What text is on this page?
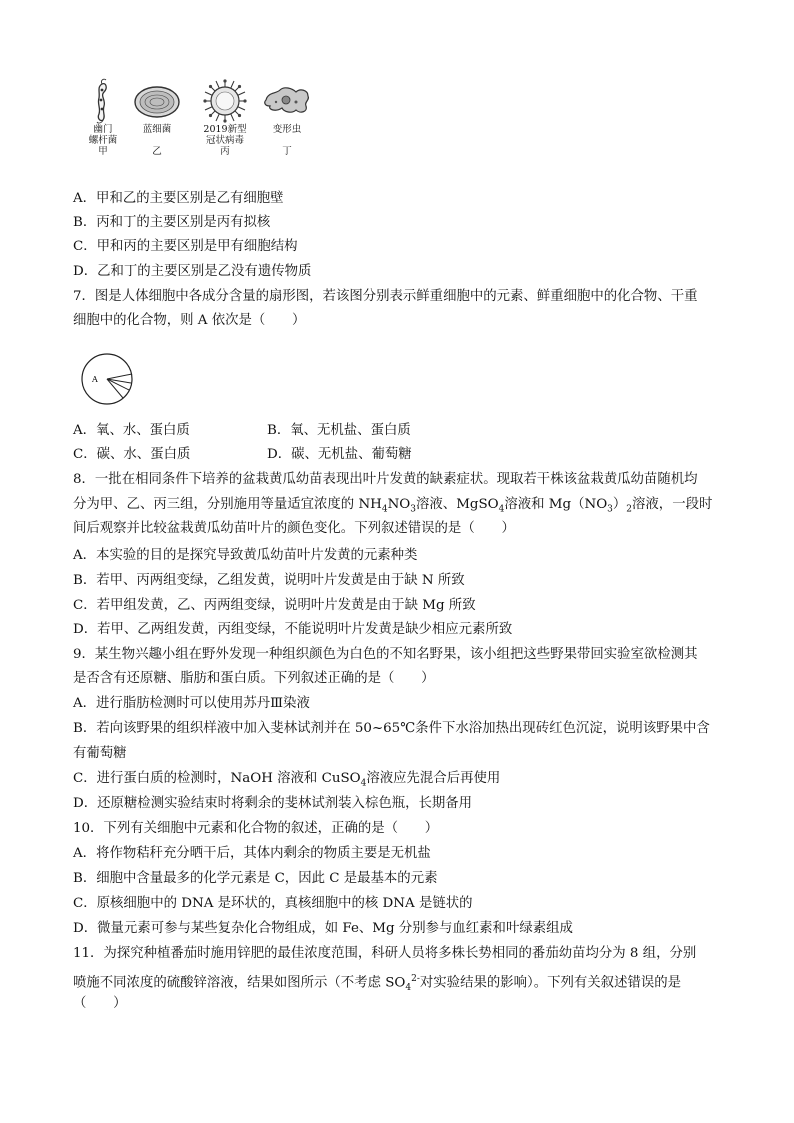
幽门
螺杆菌
甲
蓝细菌
乙
2019新型
冠状病毒
丙
变形虫
丁
A．甲和乙的主要区别是乙有细胞壁
B．丙和丁的主要区别是丙有拟核
C．甲和丙的主要区别是甲有细胞结构
D．乙和丁的主要区别是乙没有遗传物质
7．图是人体细胞中各成分含量的扇形图，若该图分别表示鲜重细胞中的元素、鲜重细胞中的化合物、干重
细胞中的化合物，则 A 依次是（　　）
A
A．氧、水、蛋白质	B．氧、无机盐、蛋白质
C．碳、水、蛋白质	D．碳、无机盐、葡萄糖
8．一批在相同条件下培养的盆栽黄瓜幼苗表现出叶片发黄的缺素症状。现取若干株该盆栽黄瓜幼苗随机均
分为甲、乙、丙三组，分别施用等量适宜浓度的 $NH_4NO_3$溶液、MgSO$_4$溶液和 $Mg(NO_3)_2$溶液，一段时
间后观察并比较盆栽黄瓜幼苗叶片的颜色变化。下列叙述错误的是（　　）
A．本实验的目的是探究导致黄瓜幼苗叶片发黄的元素种类
B．若甲、丙两组变绿，乙组发黄，说明叶片发黄是由于缺 N 所致
C．若甲组发黄，乙、丙两组变绿，说明叶片发黄是由于缺 Mg 所致
D．若甲、乙两组发黄，丙组变绿，不能说明叶片发黄是缺少相应元素所致
9．某生物兴趣小组在野外发现一种组织颜色为白色的不知名野果，该小组把这些野果带回实验室欲检测其
是否含有还原糖、脂肪和蛋白质。下列叙述正确的是（　　）
A．进行脂肪检测时可以使用苏丹Ⅲ染液
B．若向该野果的组织样液中加入斐林试剂并在 50~65℃条件下水浴加热出现砖红色沉淀，说明该野果中含
有葡萄糖
C．进行蛋白质的检测时，NaOH 溶液和 CuSO$_4$溶液应先混合后再使用
D．还原糖检测实验结束时将剩余的斐林试剂装入棕色瓶，长期备用
10．下列有关细胞中元素和化合物的叙述，正确的是（　　）
A．将作物秸秆充分晒干后，其体内剩余的物质主要是无机盐
B．细胞中含量最多的化学元素是 C，因此 C 是最基本的元素
C．原核细胞中的 DNA 是环状的，真核细胞中的核 DNA 是链状的
D．微量元素可参与某些复杂化合物组成，如 Fe、Mg 分别参与血红素和叶绿素组成
11．为探究种植番茄时施用锌肥的最佳浓度范围，科研人员将多株长势相同的番茄幼苗均分为 8 组，分别
喷施不同浓度的硫酸锌溶液，结果如图所示（不考虑 $SO_4^{2-}$对实验结果的影响）。下列有关叙述错误的是
（　　）
